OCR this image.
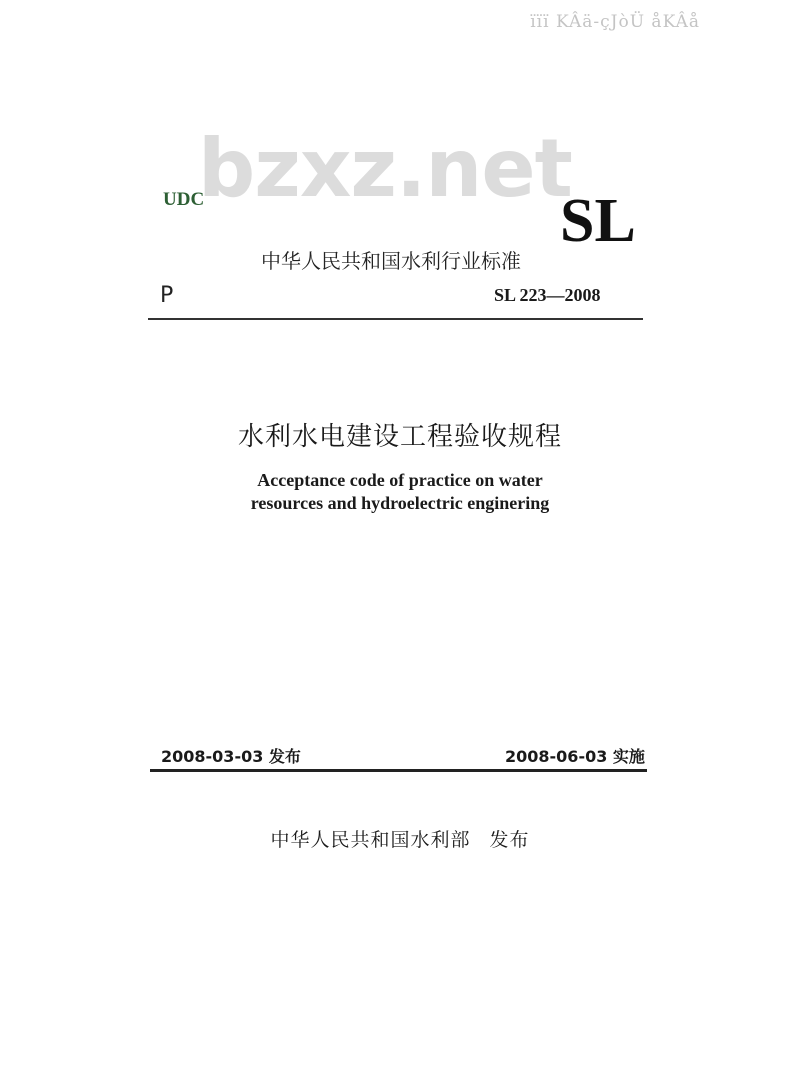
ïïï KÂä-çJòÜ åKÂå
bzxz.net
UDC	SL
中华人民共和国水利行业标准
P	SL 223—2008
水利水电建设工程验收规程
Acceptance code of practice on water
resources and hydroelectric enginering
2008-03-03 发布	2008-06-03 实施
中华人民共和国水利部 发布
